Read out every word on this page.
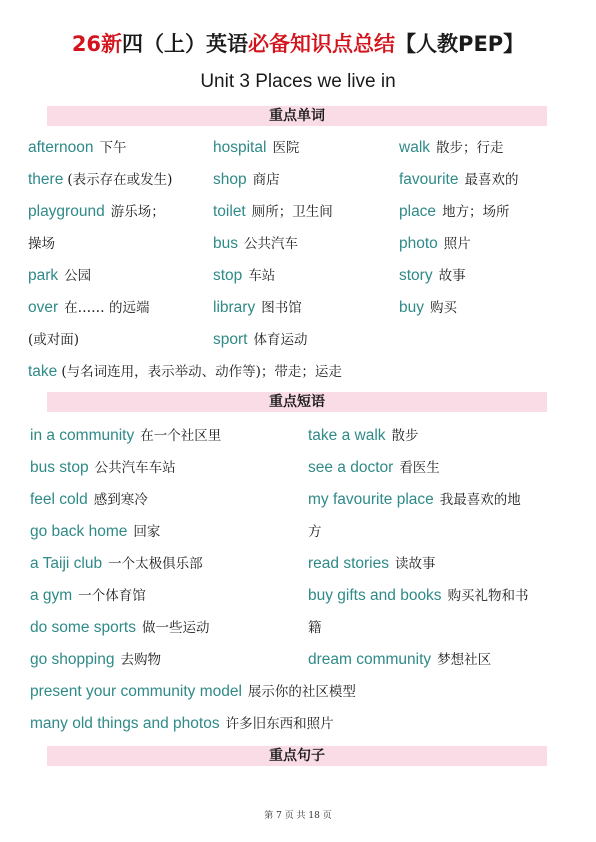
26新四（上）英语必备知识点总结【人教PEP】
Unit 3 Places we live in
重点单词
afternoon 下午
there (表示存在或发生)
playground 游乐场；
操场
park 公园
over 在…… 的远端
(或对面)
take (与名词连用，表示举动、动作等)；带走；运走
hospital 医院
shop 商店
toilet 厕所；卫生间
bus 公共汽车
stop 车站
library 图书馆
sport 体育运动
walk 散步；行走
favourite 最喜欢的
place 地方；场所
photo 照片
story 故事
buy 购买
重点短语
in a community 在一个社区里
bus stop 公共汽车车站
feel cold 感到寒冷
go back home 回家
a Taiji club 一个太极俱乐部
a gym 一个体育馆
do some sports 做一些运动
go shopping 去购物
present your community model 展示你的社区模型
many old things and photos 许多旧东西和照片
take a walk 散步
see a doctor 看医生
my favourite place 我最喜欢的地
方
read stories 读故事
buy gifts and books 购买礼物和书
籍
dream community 梦想社区
重点句子
第 7 页 共 18 页
